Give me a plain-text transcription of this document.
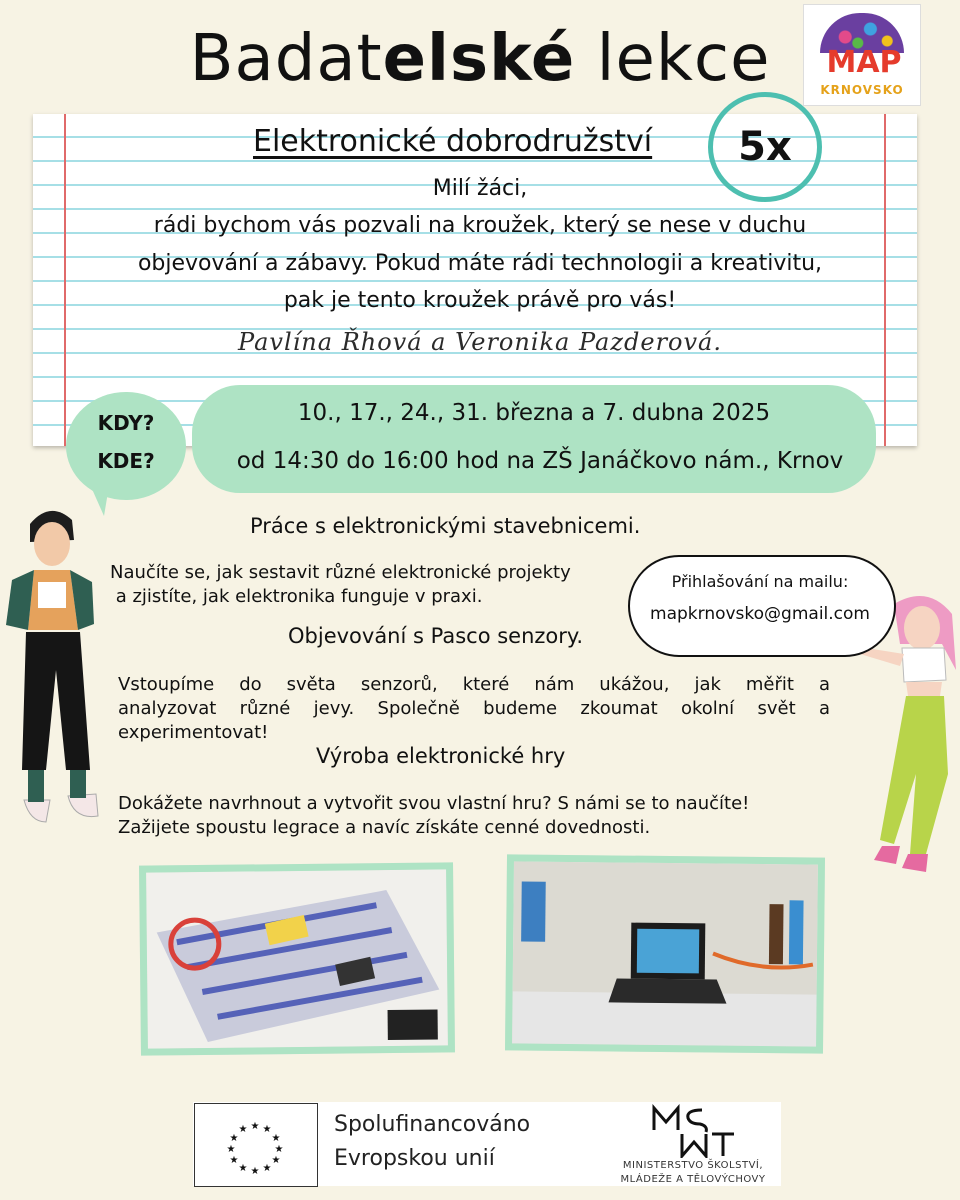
Badatelské lekce	MAP
KRNOVSKO
Elektronické dobrodružství	5x
Milí žáci,
rádi bychom vás pozvali na kroužek, který se nese v duchu
objevování a zábavy. Pokud máte rádi technologii a kreativitu,
pak je tento kroužek právě pro vás!
Pavlína Řhová a Veronika Pazderová.
KDY?
KDE?
10., 17., 24., 31. března a 7. dubna 2025
od 14:30 do 16:00 hod na ZŠ Janáčkovo nám., Krnov
Práce s elektronickými stavebnicemi.
Naučíte se, jak sestavit různé elektronické projekty
a zjistíte, jak elektronika funguje v praxi.
Přihlašování na mailu:
mapkrnovsko@gmail.com
Objevování s Pasco senzory.
Vstoupíme do světa senzorů, které nám ukážou, jak měřit a
analyzovat různé jevy. Společně budeme zkoumat okolní svět a
experimentovat!
Výroba elektronické hry
Dokážete navrhnout a vytvořit svou vlastní hru? S námi se to naučíte!
Zažijete spoustu legrace a navíc získáte cenné dovednosti.
★ ★
★
★
★
★
★
★
★
★
★
★	Spolufinancováno
Evropskou unií	MINISTERSTVO ŠKOLSTVÍ,
MLÁDEŽE A TĚLOVÝCHOVY
